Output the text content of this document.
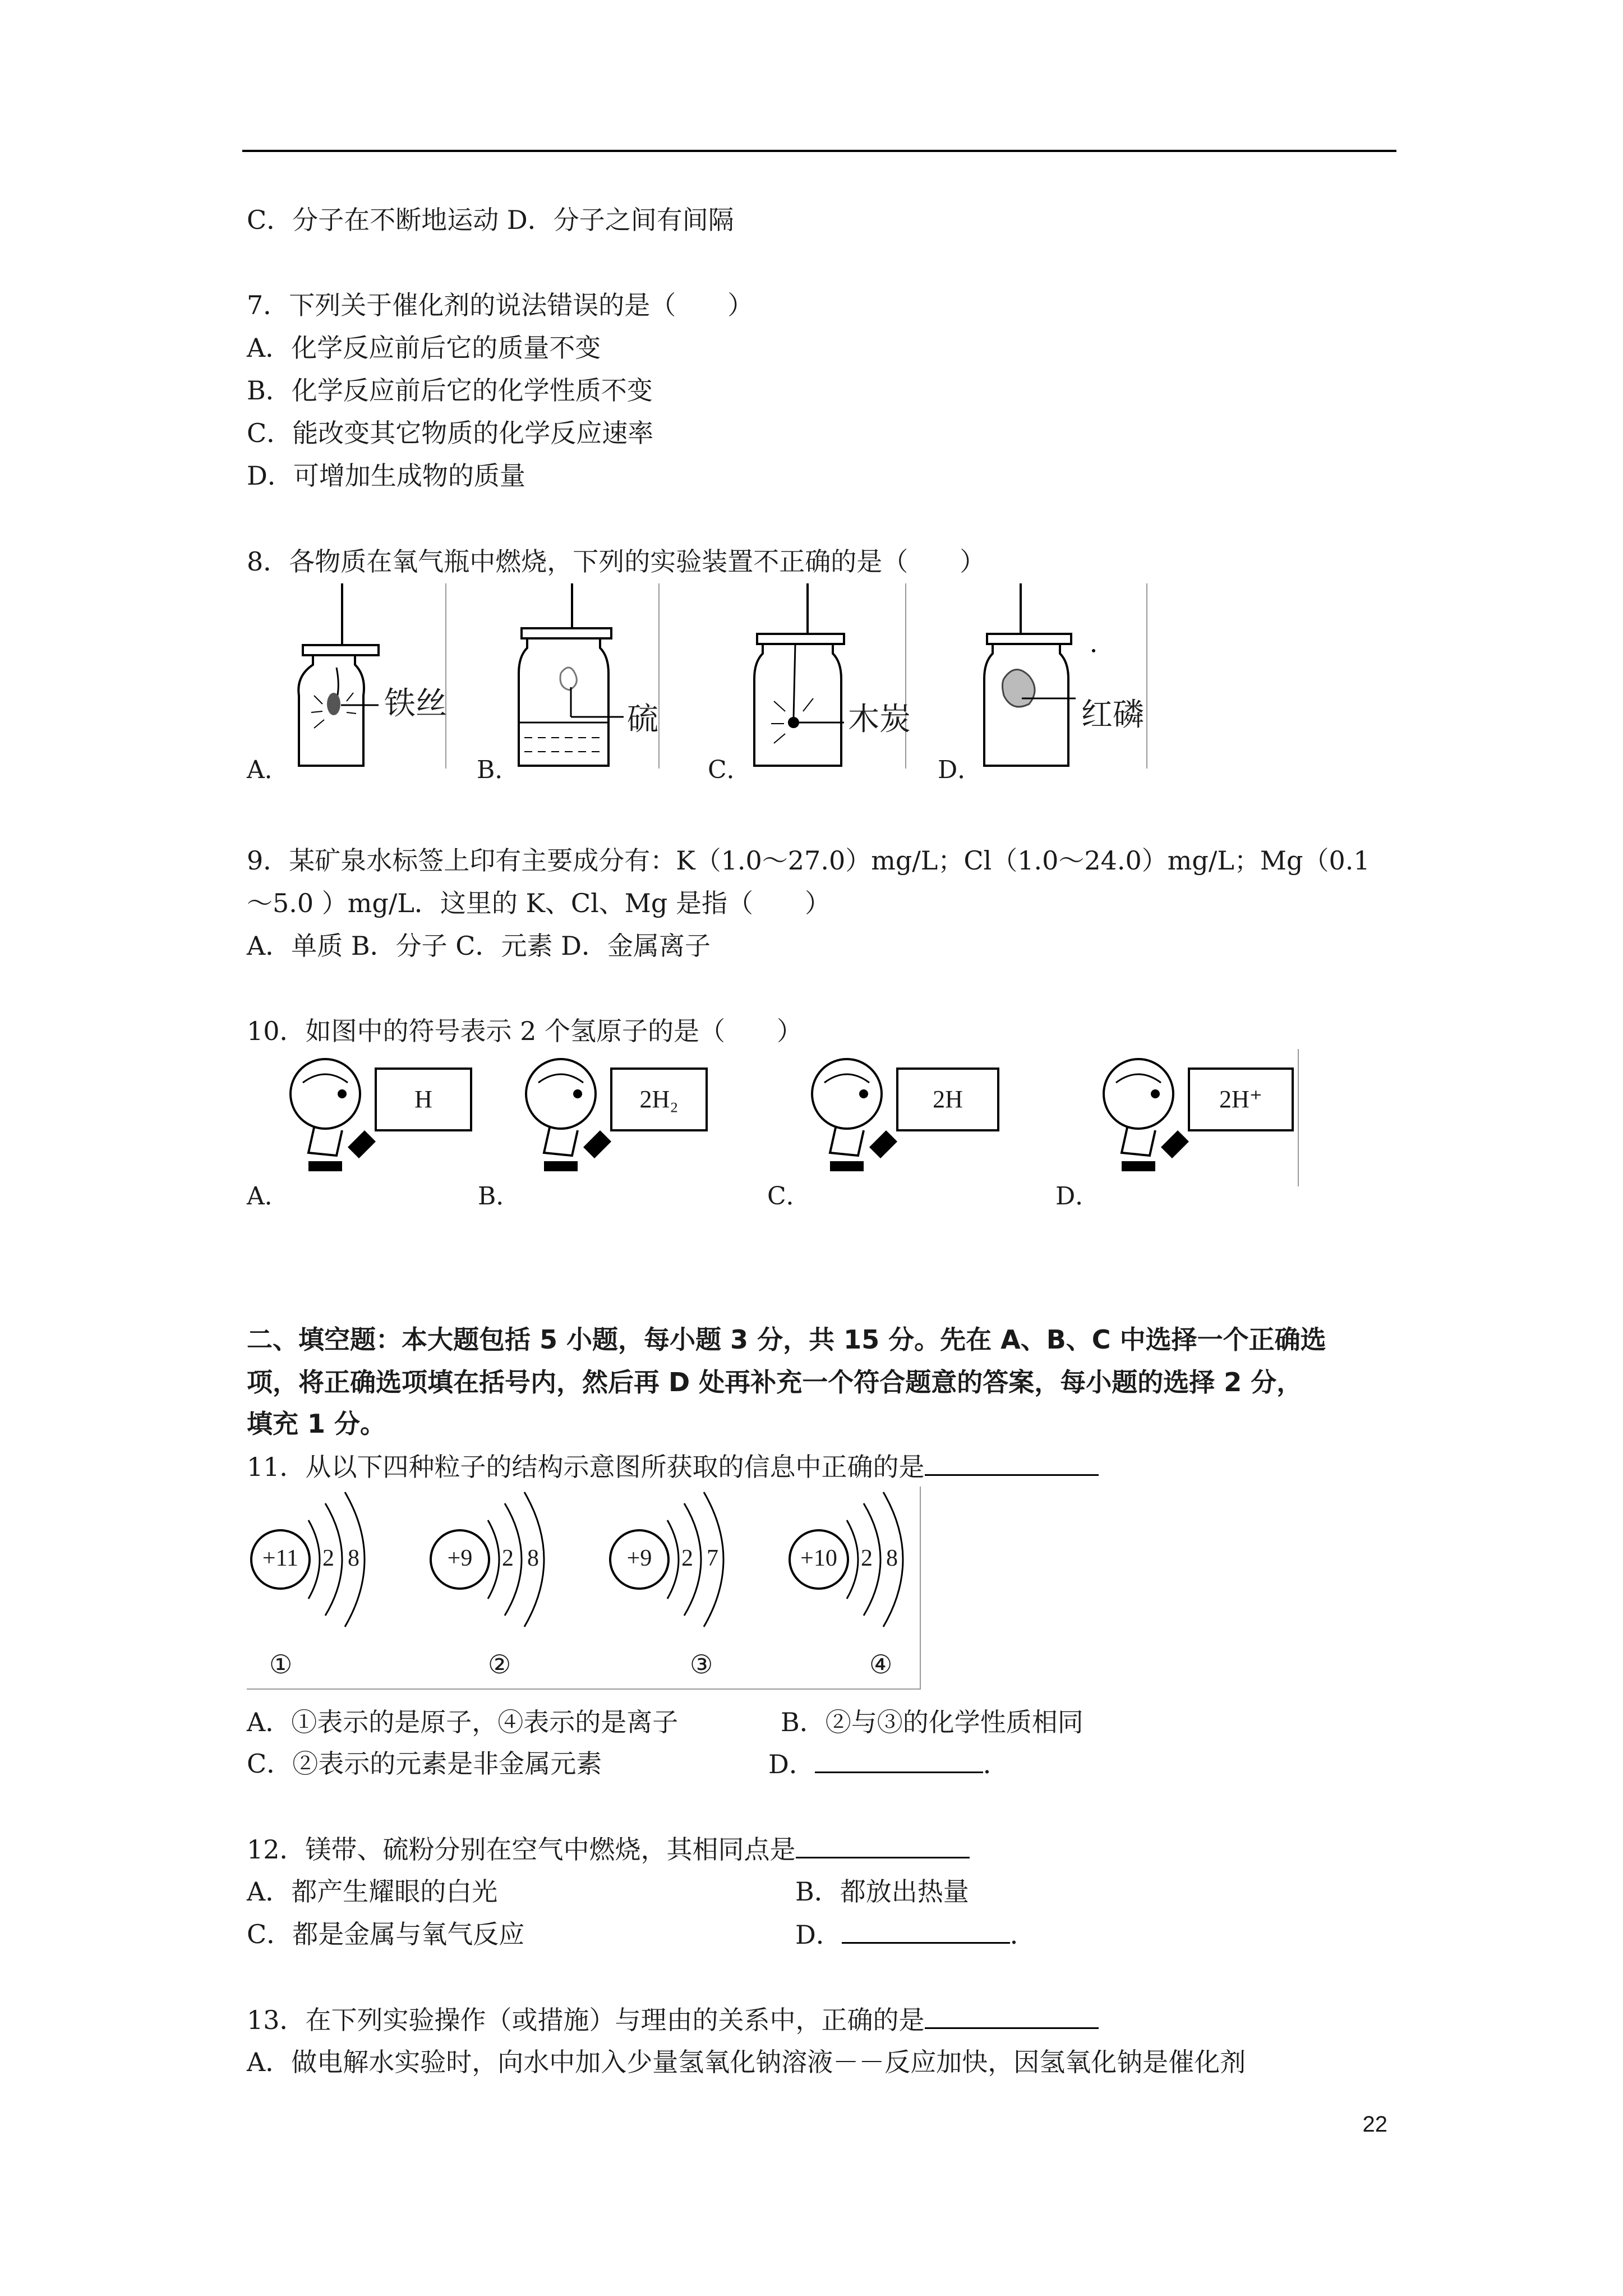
C．分子在不断地运动 D．分子之间有间隔
7．下列关于催化剂的说法错误的是（　　）
A．化学反应前后它的质量不变
B．化学反应前后它的化学性质不变
C．能改变其它物质的化学反应速率
D．可增加生成物的质量
8．各物质在氧气瓶中燃烧，下列的实验装置不正确的是（　　）
A．
铁丝
B．
硫
C．
木炭
D．
红磷
9．某矿泉水标签上印有主要成分有：K（1.0～27.0）mg/L；Cl（1.0～24.0）mg/L；Mg（0.1
～5.0 ）mg/L．这里的 K、Cl、Mg 是指（　　）
A．单质 B．分子 C．元素 D．金属离子
10．如图中的符号表示 2 个氢原子的是（　　）
H
A．
2H₂
B．
2H
C．
2H⁺
D．
二、填空题：本大题包括 5 小题，每小题 3 分，共 15 分。先在 A、B、C 中选择一个正确选
项，将正确选项填在括号内，然后再 D 处再补充一个符合题意的答案，每小题的选择 2 分，
填充 1 分。
11．从以下四种粒子的结构示意图所获取的信息中正确的是
+11	2 8
①
+9	2 8
②
+9	2 7
③
+10	2 8
④
A．①表示的是原子，④表示的是离子	B．②与③的化学性质相同
C．②表示的元素是非金属元素	D．	．
12．镁带、硫粉分别在空气中燃烧，其相同点是
A．都产生耀眼的白光	B．都放出热量
C．都是金属与氧气反应	D．	．
13．在下列实验操作（或措施）与理由的关系中，正确的是
A．做电解水实验时，向水中加入少量氢氧化钠溶液－－反应加快，因氢氧化钠是催化剂
22
